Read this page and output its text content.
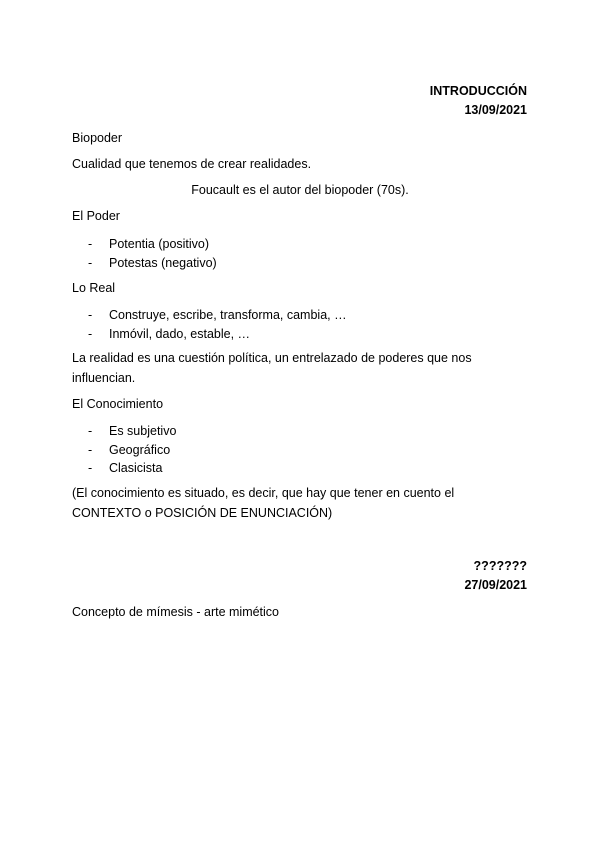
INTRODUCCIÓN
13/09/2021
Biopoder
Cualidad que tenemos de crear realidades.
Foucault es el autor del biopoder (70s).
El Poder
- Potentia (positivo)
- Potestas (negativo)
Lo Real
- Construye, escribe, transforma, cambia, …
- Inmóvil, dado, estable, …
La realidad es una cuestión política, un entrelazado de poderes que nos influencian.
El Conocimiento
- Es subjetivo
- Geográfico
- Clasicista
(El conocimiento es situado, es decir, que hay que tener en cuento el CONTEXTO o POSICIÓN DE ENUNCIACIÓN)
???????
27/09/2021
Concepto de mímesis - arte mimético
